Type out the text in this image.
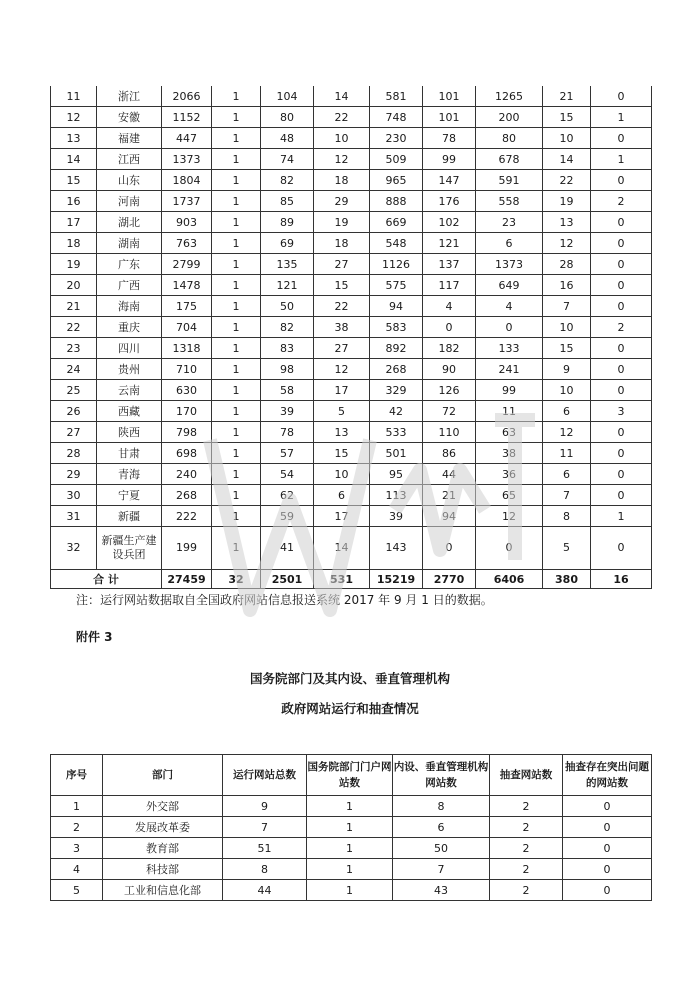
11	浙江	2066	1	104	14	581	101	1265	21	0
12	安徽	1152	1	80	22	748	101	200	15	1
13	福建	447	1	48	10	230	78	80	10	0
14	江西	1373	1	74	12	509	99	678	14	1
15	山东	1804	1	82	18	965	147	591	22	0
16	河南	1737	1	85	29	888	176	558	19	2
17	湖北	903	1	89	19	669	102	23	13	0
18	湖南	763	1	69	18	548	121	6	12	0
19	广东	2799	1	135	27	1126	137	1373	28	0
20	广西	1478	1	121	15	575	117	649	16	0
21	海南	175	1	50	22	94	4	4	7	0
22	重庆	704	1	82	38	583	0	0	10	2
23	四川	1318	1	83	27	892	182	133	15	0
24	贵州	710	1	98	12	268	90	241	9	0
25	云南	630	1	58	17	329	126	99	10	0
26	西藏	170	1	39	5	42	72	11	6	3
27	陕西	798	1	78	13	533	110	63	12	0
28	甘肃	698	1	57	15	501	86	38	11	0
29	青海	240	1	54	10	95	44	36	6	0
30	宁夏	268	1	62	6	113	21	65	7	0
31	新疆	222	1	59	17	39	94	12	8	1
32	新疆生产建设兵团	199	1	41	14	143	0	0	5	0
合 计		27459	32	2501	531	15219	2770	6406	380	16
注：运行网站数据取自全国政府网站信息报送系统 2017 年 9 月 1 日的数据。
附件 3
国务院部门及其内设、垂直管理机构
政府网站运行和抽查情况
序号	部门	运行网站总数	国务院部门门户网站数	内设、垂直管理机构网站数	抽查网站数	抽查存在突出问题的网站数
1	外交部	9	1	8	2	0
2	发展改革委	7	1	6	2	0
3	教育部	51	1	50	2	0
4	科技部	8	1	7	2	0
5	工业和信息化部	44	1	43	2	0
